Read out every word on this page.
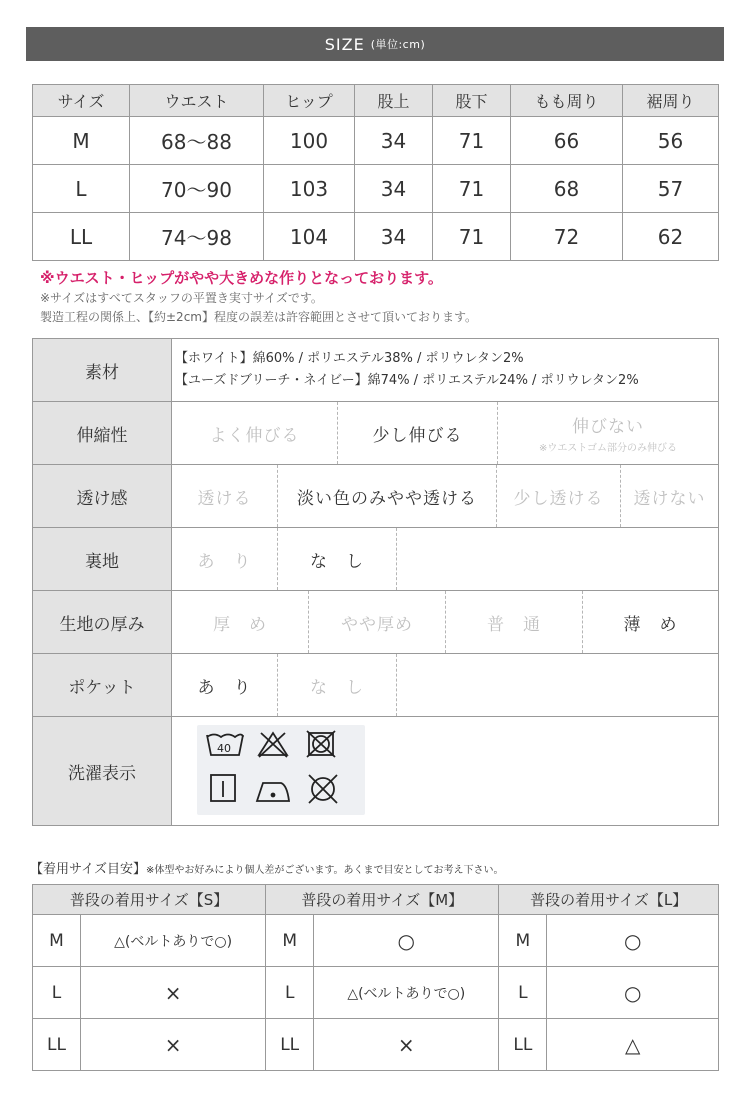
SIZE (単位:cm)
サイズ	ウエスト	ヒップ	股上	股下	もも周り	裾周り
M	68〜88	100	34	71	66	56
L	70〜90	103	34	71	68	57
LL	74〜98	104	34	71	72	62
※ウエスト・ヒップがやや大きめな作りとなっております。
※サイズはすべてスタッフの平置き実寸サイズです。
製造工程の関係上、【約±2cm】程度の誤差は許容範囲とさせて頂いております。
素材	【ホワイト】綿60% / ポリエステル38% / ポリウレタン2%
【ユーズドブリーチ・ネイビー】綿74% / ポリエステル24% / ポリウレタン2%

伸縮性	よく伸びる 少し伸びる 伸びない
※ウエストゴム部分のみ伸びる

透け感	透ける 淡い色のみやや透ける 少し透ける 透けない

裏地	あ　り な　し

生地の厚み	厚　め やや厚め 普　通 薄　め

ポケット	あ　り な　し

洗濯表示	40
【着用サイズ目安】※体型やお好みにより個人差がございます。あくまで目安としてお考え下さい。
普段の着用サイズ【S】		普段の着用サイズ【M】		普段の着用サイズ【L】	
M	△(ベルトありで○)	M	○	M	○
L	×	L	△(ベルトありで○)	L	○
LL	×	LL	×	LL	△
